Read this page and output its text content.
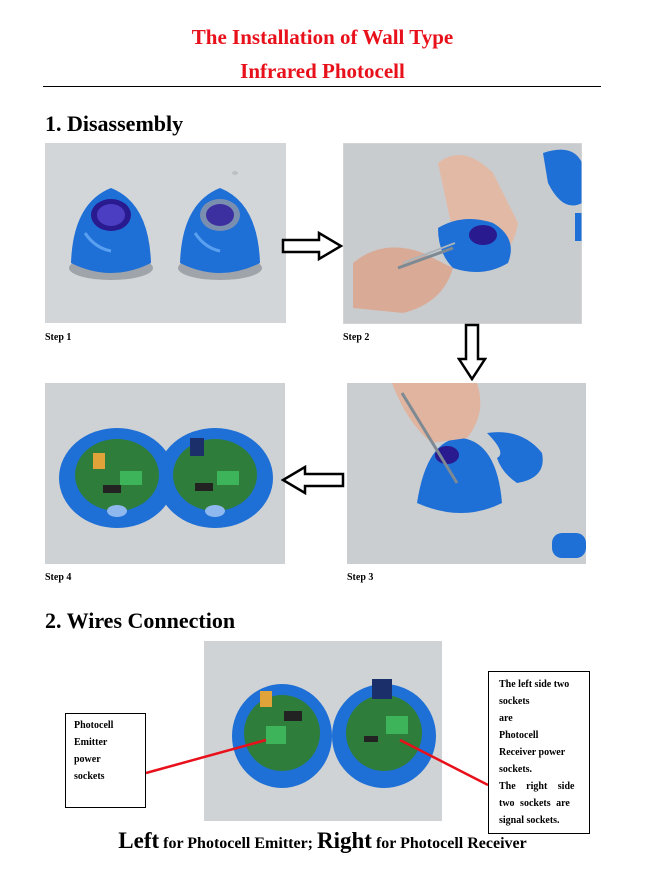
The Installation of Wall Type
Infrared Photocell
1. Disassembly
Step 1	Step 2
Step 4	Step 3
2. Wires Connection
Photocell
Emitter
power
sockets
The left side two
sockets are
Photocell
Receiver power
sockets.
The right side
two sockets are
signal sockets.
Left for Photocell Emitter; Right for Photocell Receiver
